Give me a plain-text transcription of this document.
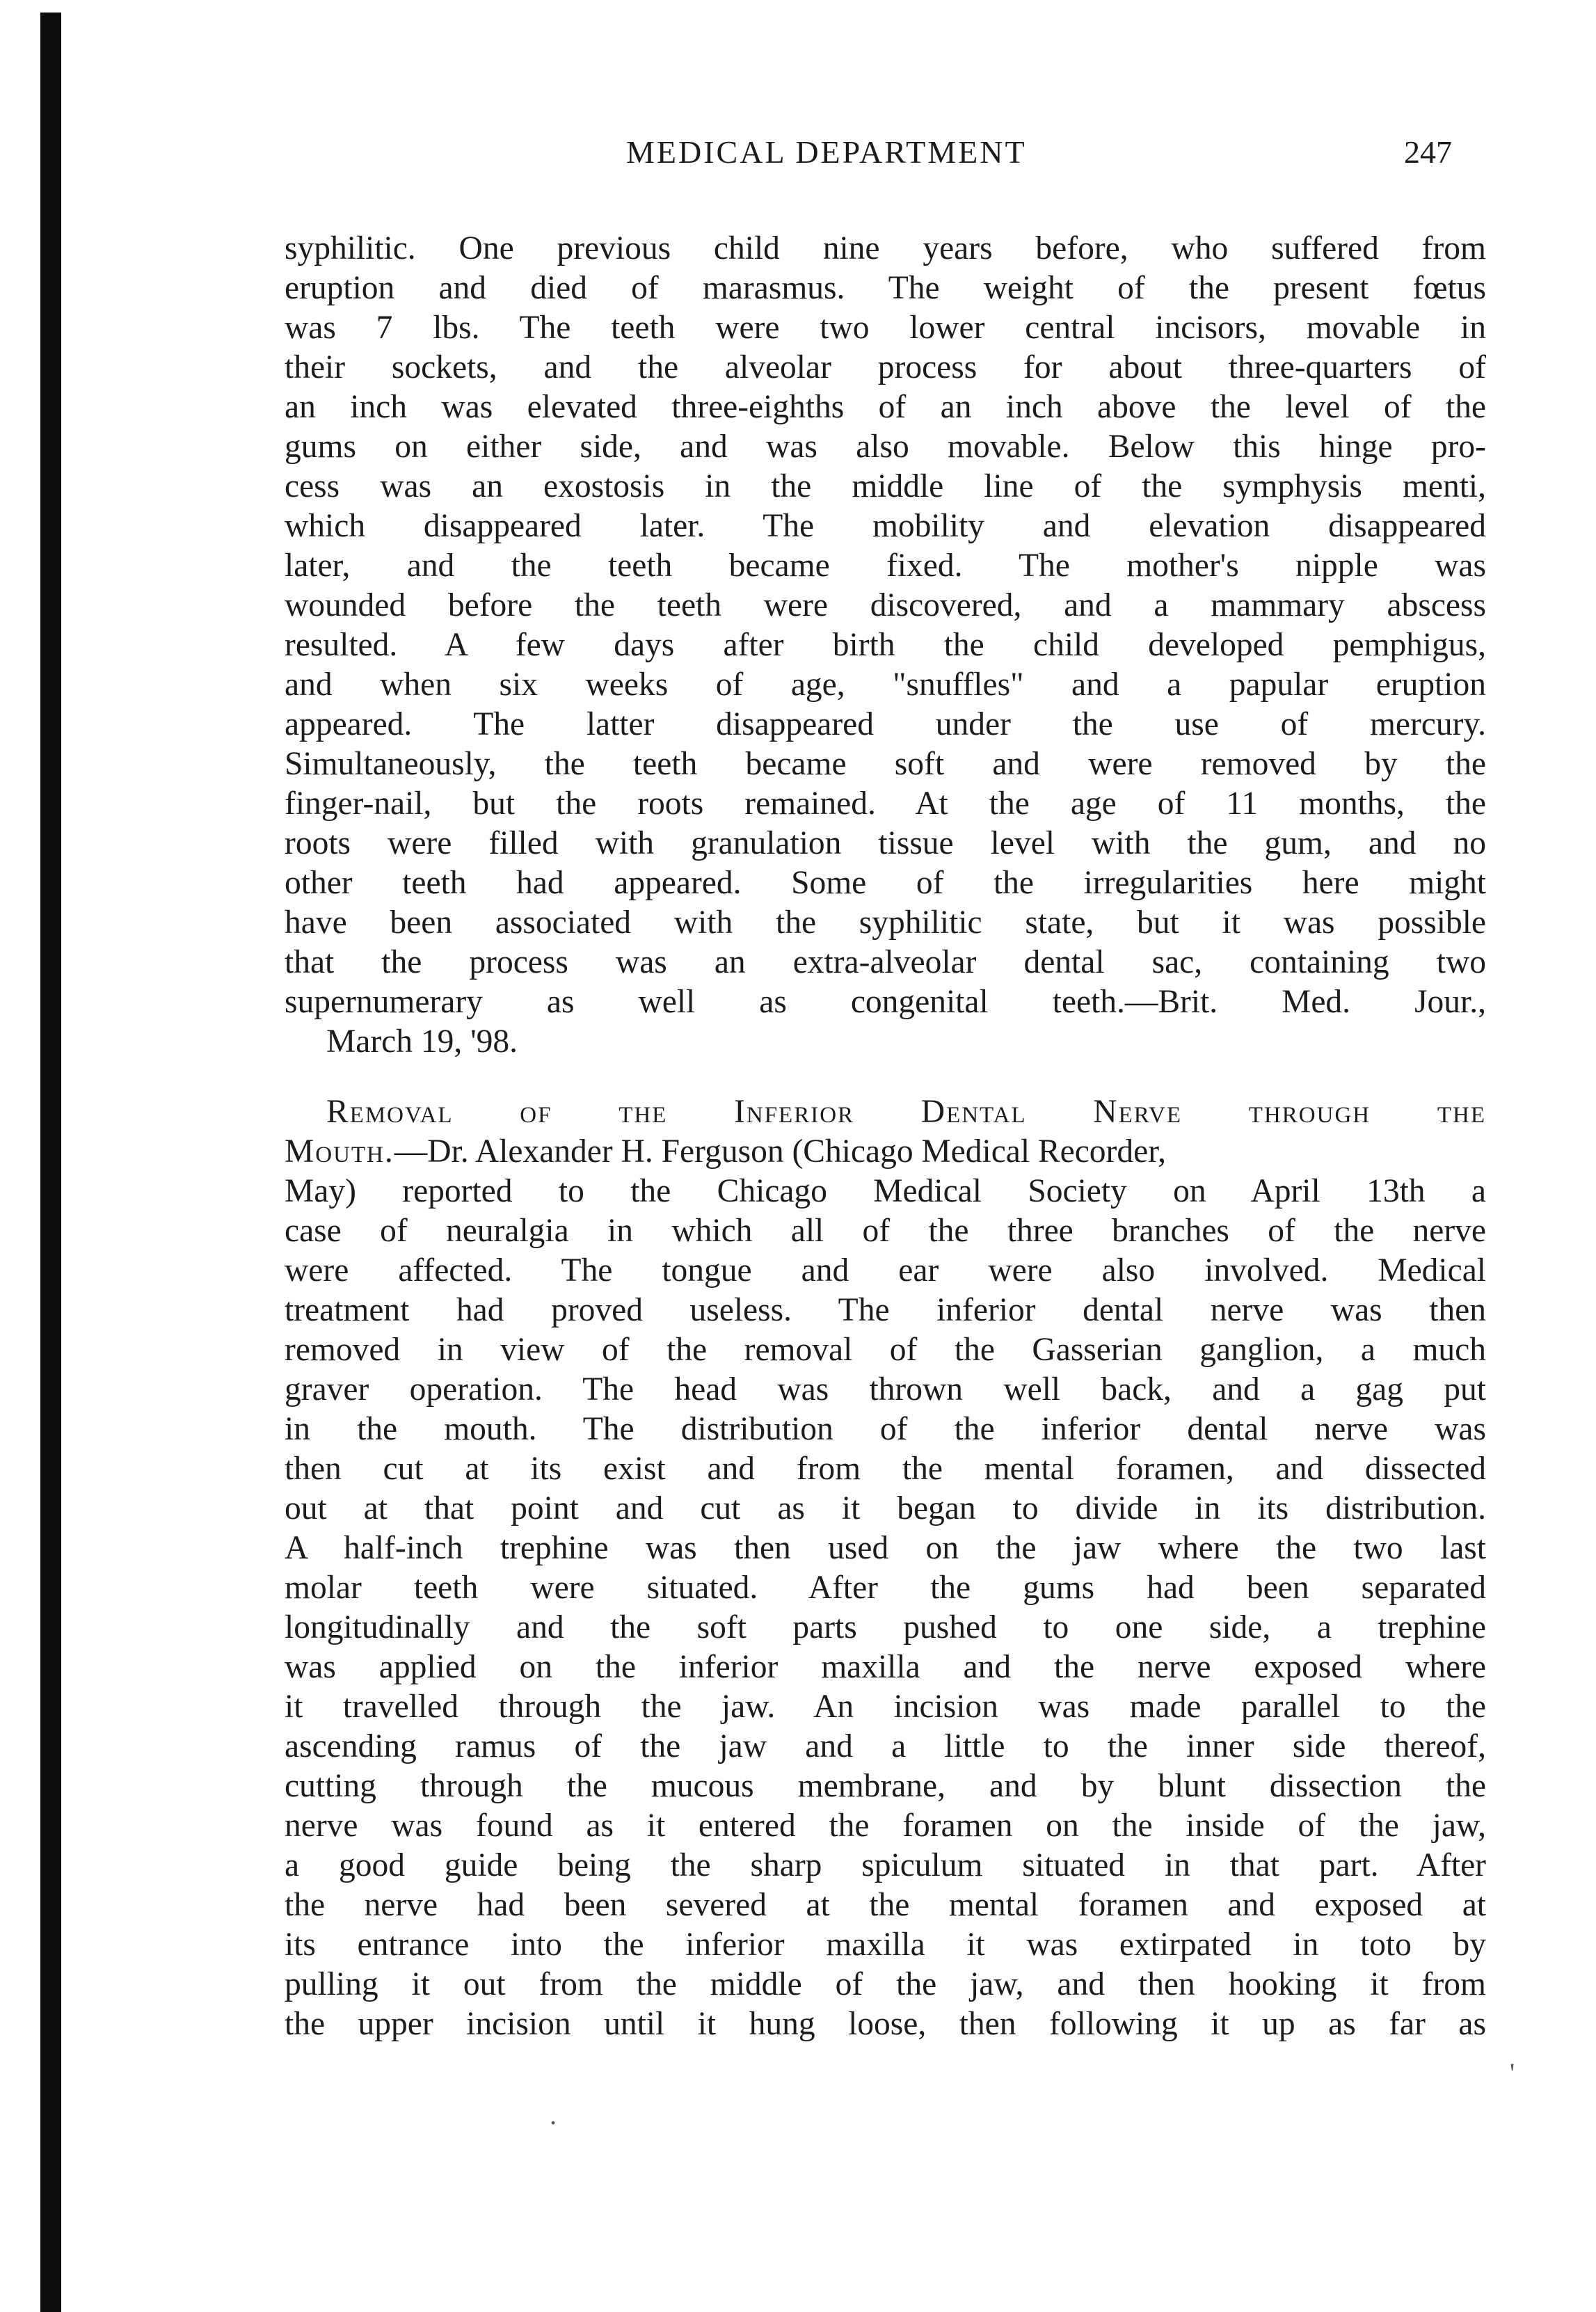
MEDICAL DEPARTMENT	247
syphilitic. One previous child nine years before, who suffered from
eruption and died of marasmus. The weight of the present fœtus
was 7 lbs. The teeth were two lower central incisors, movable in
their sockets, and the alveolar process for about three-quarters of
an inch was elevated three-eighths of an inch above the level of the
gums on either side, and was also movable. Below this hinge pro-
cess was an exostosis in the middle line of the symphysis menti,
which disappeared later. The mobility and elevation disappeared
later, and the teeth became fixed. The mother's nipple was
wounded before the teeth were discovered, and a mammary abscess
resulted. A few days after birth the child developed pemphigus,
and when six weeks of age, "snuffles" and a papular eruption
appeared. The latter disappeared under the use of mercury.
Simultaneously, the teeth became soft and were removed by the
finger-nail, but the roots remained. At the age of 11 months, the
roots were filled with granulation tissue level with the gum, and no
other teeth had appeared. Some of the irregularities here might
have been associated with the syphilitic state, but it was possible
that the process was an extra-alveolar dental sac, containing two
supernumerary as well as congenital teeth.—Brit. Med. Jour.,
March 19, '98.
Removal of the Inferior Dental Nerve through the
Mouth.—Dr. Alexander H. Ferguson (Chicago Medical Recorder,
May) reported to the Chicago Medical Society on April 13th a
case of neuralgia in which all of the three branches of the nerve
were affected. The tongue and ear were also involved. Medical
treatment had proved useless. The inferior dental nerve was then
removed in view of the removal of the Gasserian ganglion, a much
graver operation. The head was thrown well back, and a gag put
in the mouth. The distribution of the inferior dental nerve was
then cut at its exist and from the mental foramen, and dissected
out at that point and cut as it began to divide in its distribution.
A half-inch trephine was then used on the jaw where the two last
molar teeth were situated. After the gums had been separated
longitudinally and the soft parts pushed to one side, a trephine
was applied on the inferior maxilla and the nerve exposed where
it travelled through the jaw. An incision was made parallel to the
ascending ramus of the jaw and a little to the inner side thereof,
cutting through the mucous membrane, and by blunt dissection the
nerve was found as it entered the foramen on the inside of the jaw,
a good guide being the sharp spiculum situated in that part. After
the nerve had been severed at the mental foramen and exposed at
its entrance into the inferior maxilla it was extirpated in toto by
pulling it out from the middle of the jaw, and then hooking it from
the upper incision until it hung loose, then following it up as far as
'
.
